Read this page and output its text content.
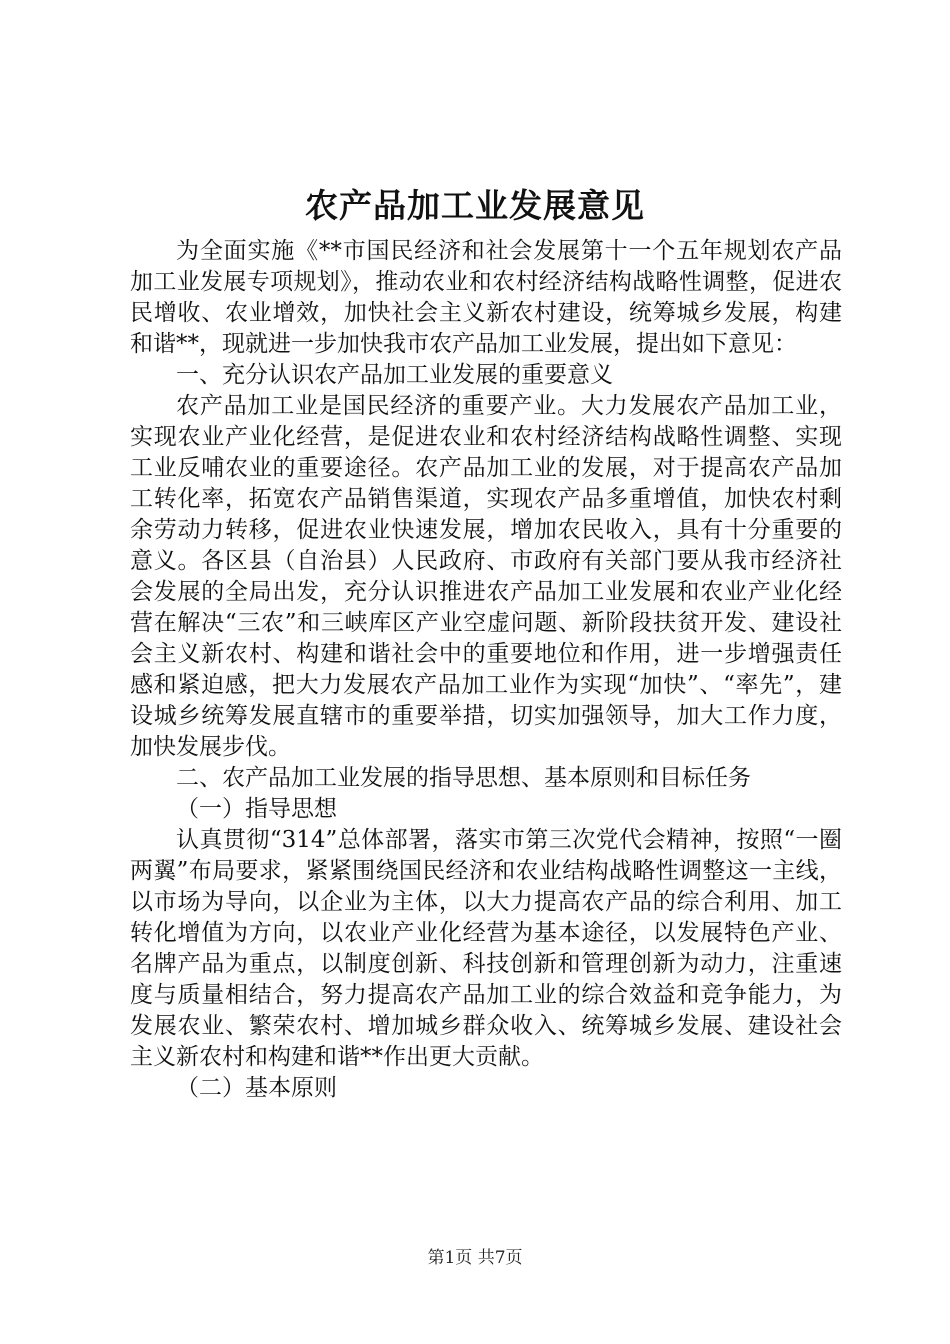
农产品加工业发展意见

为全面实施《**市国民经济和社会发展第十一个五年规划农产品加工业发展专项规划》，推动农业和农村经济结构战略性调整，促进农民增收、农业增效，加快社会主义新农村建设，统筹城乡发展，构建和谐**，现就进一步加快我市农产品加工业发展，提出如下意见：

一、充分认识农产品加工业发展的重要意义

农产品加工业是国民经济的重要产业。大力发展农产品加工业，实现农业产业化经营，是促进农业和农村经济结构战略性调整、实现工业反哺农业的重要途径。农产品加工业的发展，对于提高农产品加工转化率，拓宽农产品销售渠道，实现农产品多重增值，加快农村剩余劳动力转移，促进农业快速发展，增加农民收入，具有十分重要的意义。各区县（自治县）人民政府、市政府有关部门要从我市经济社会发展的全局出发，充分认识推进农产品加工业发展和农业产业化经营在解决“三农”和三峡库区产业空虚问题、新阶段扶贫开发、建设社会主义新农村、构建和谐社会中的重要地位和作用，进一步增强责任感和紧迫感，把大力发展农产品加工业作为实现“加快”、“率先”，建设城乡统筹发展直辖市的重要举措，切实加强领导，加大工作力度，加快发展步伐。

二、农产品加工业发展的指导思想、基本原则和目标任务

（一）指导思想

认真贯彻“314”总体部署，落实市第三次党代会精神，按照“一圈两翼”布局要求，紧紧围绕国民经济和农业结构战略性调整这一主线，以市场为导向，以企业为主体，以大力提高农产品的综合利用、加工转化增值为方向，以农业产业化经营为基本途径，以发展特色产业、名牌产品为重点，以制度创新、科技创新和管理创新为动力，注重速度与质量相结合，努力提高农产品加工业的综合效益和竞争能力，为发展农业、繁荣农村、增加城乡群众收入、统筹城乡发展、建设社会主义新农村和构建和谐**作出更大贡献。

（二）基本原则

第1页 共7页
